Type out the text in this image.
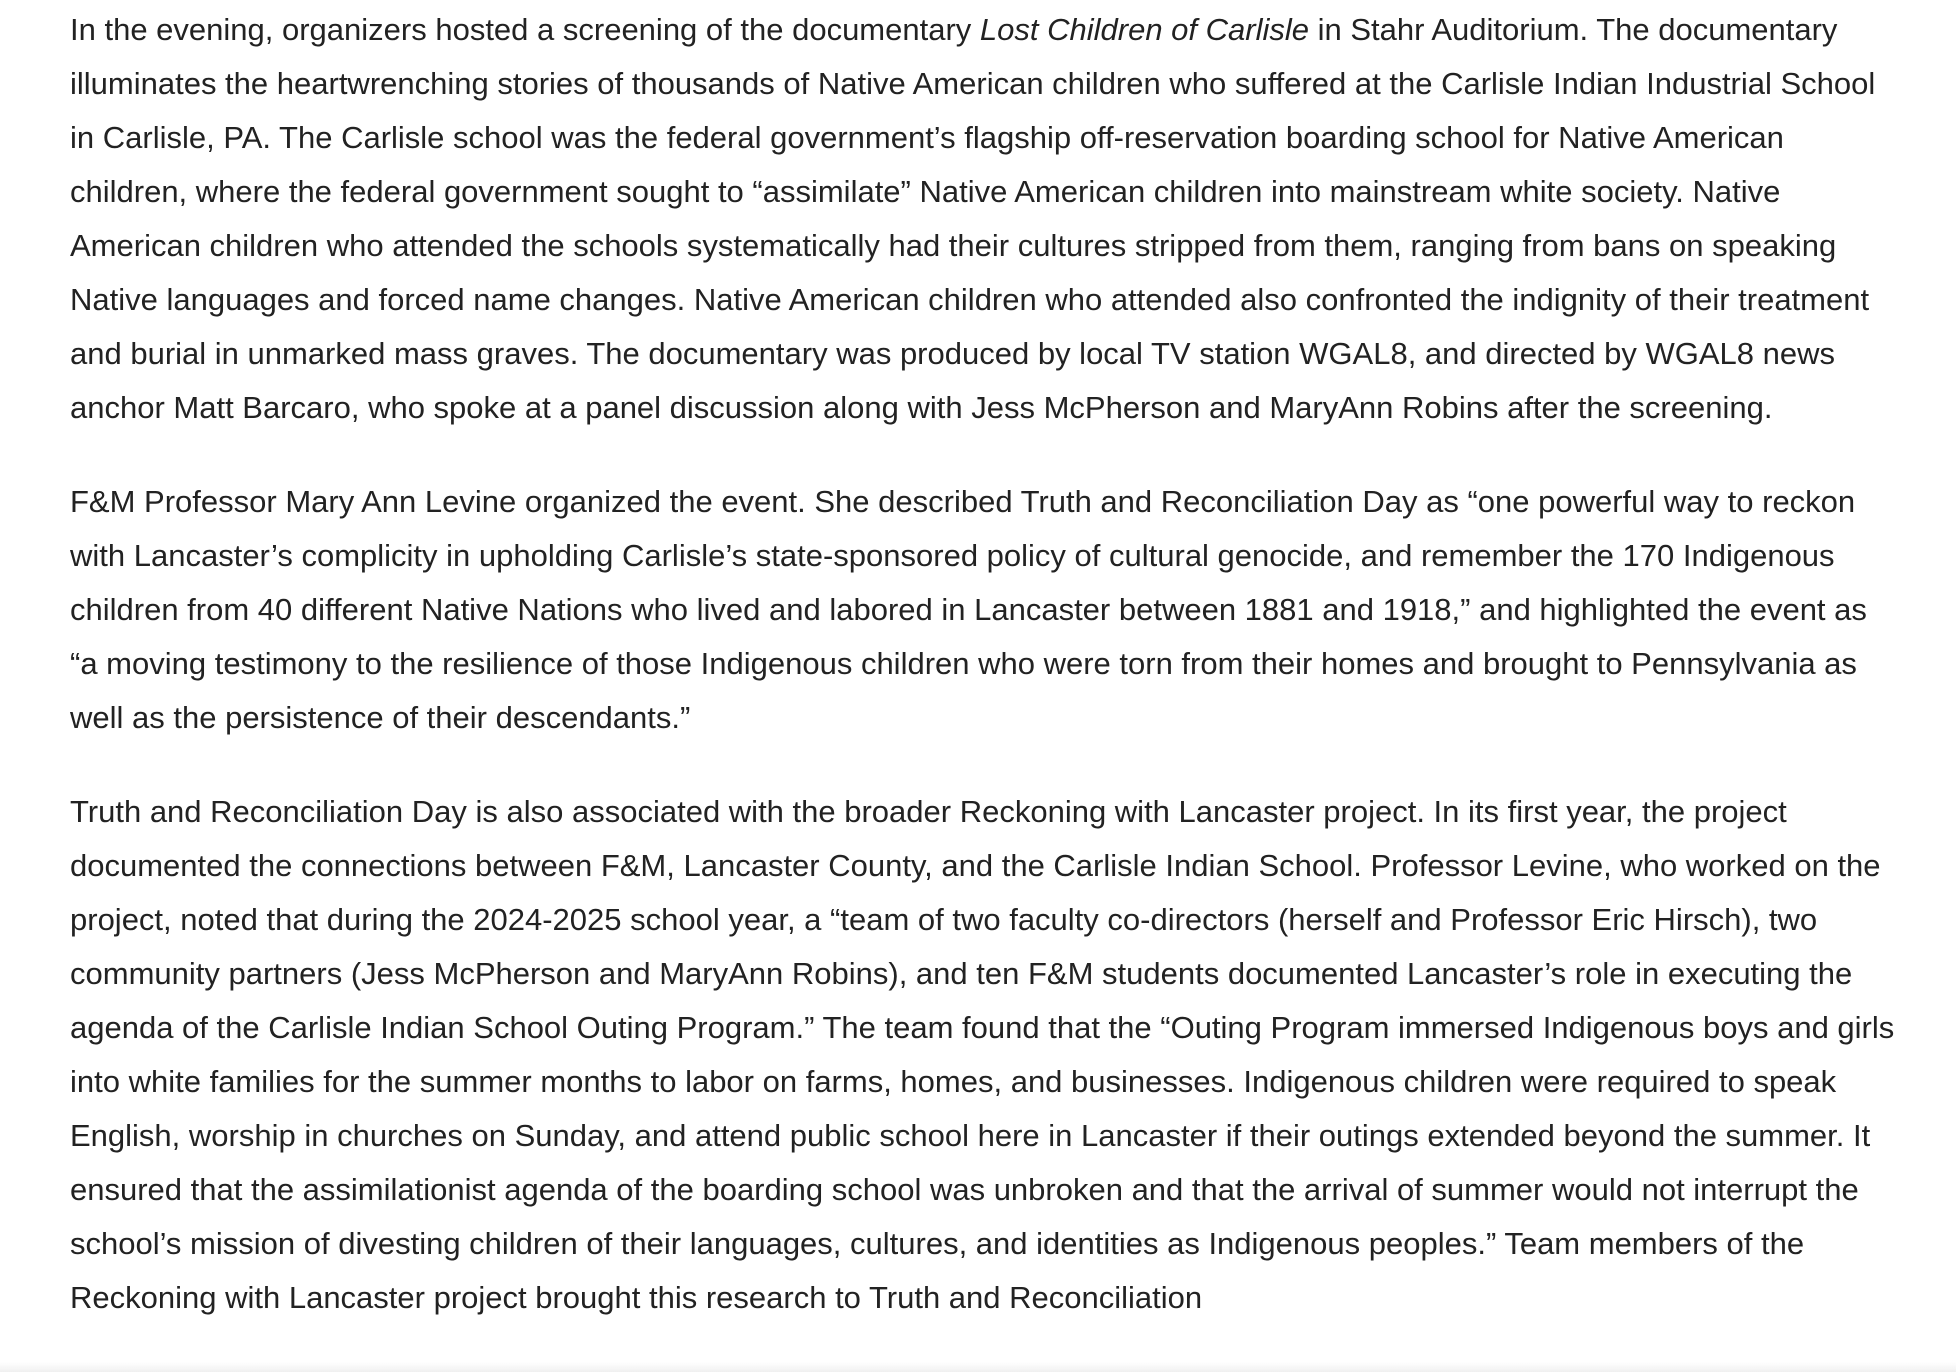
In the evening, organizers hosted a screening of the documentary Lost Children of Carlisle in Stahr Auditorium. The documentary illuminates the heartwrenching stories of thousands of Native American children who suffered at the Carlisle Indian Industrial School in Carlisle, PA. The Carlisle school was the federal government’s flagship off-reservation boarding school for Native American children, where the federal government sought to “assimilate” Native American children into mainstream white society. Native American children who attended the schools systematically had their cultures stripped from them, ranging from bans on speaking Native languages and forced name changes. Native American children who attended also confronted the indignity of their treatment and burial in unmarked mass graves. The documentary was produced by local TV station WGAL8, and directed by WGAL8 news anchor Matt Barcaro, who spoke at a panel discussion along with Jess McPherson and MaryAnn Robins after the screening.

F&M Professor Mary Ann Levine organized the event. She described Truth and Reconciliation Day as “one powerful way to reckon with Lancaster’s complicity in upholding Carlisle’s state-sponsored policy of cultural genocide, and remember the 170 Indigenous children from 40 different Native Nations who lived and labored in Lancaster between 1881 and 1918,” and highlighted the event as “a moving testimony to the resilience of those Indigenous children who were torn from their homes and brought to Pennsylvania as well as the persistence of their descendants.”

Truth and Reconciliation Day is also associated with the broader Reckoning with Lancaster project. In its first year, the project documented the connections between F&M, Lancaster County, and the Carlisle Indian School. Professor Levine, who worked on the project, noted that during the 2024-2025 school year, a “team of two faculty co-directors (herself and Professor Eric Hirsch), two community partners (Jess McPherson and MaryAnn Robins), and ten F&M students documented Lancaster’s role in executing the agenda of the Carlisle Indian School Outing Program.” The team found that the “Outing Program immersed Indigenous boys and girls into white families for the summer months to labor on farms, homes, and businesses. Indigenous children were required to speak English, worship in churches on Sunday, and attend public school here in Lancaster if their outings extended beyond the summer. It ensured that the assimilationist agenda of the boarding school was unbroken and that the arrival of summer would not interrupt the school’s mission of divesting children of their languages, cultures, and identities as Indigenous peoples.” Team members of the Reckoning with Lancaster project brought this research to Truth and Reconciliation
